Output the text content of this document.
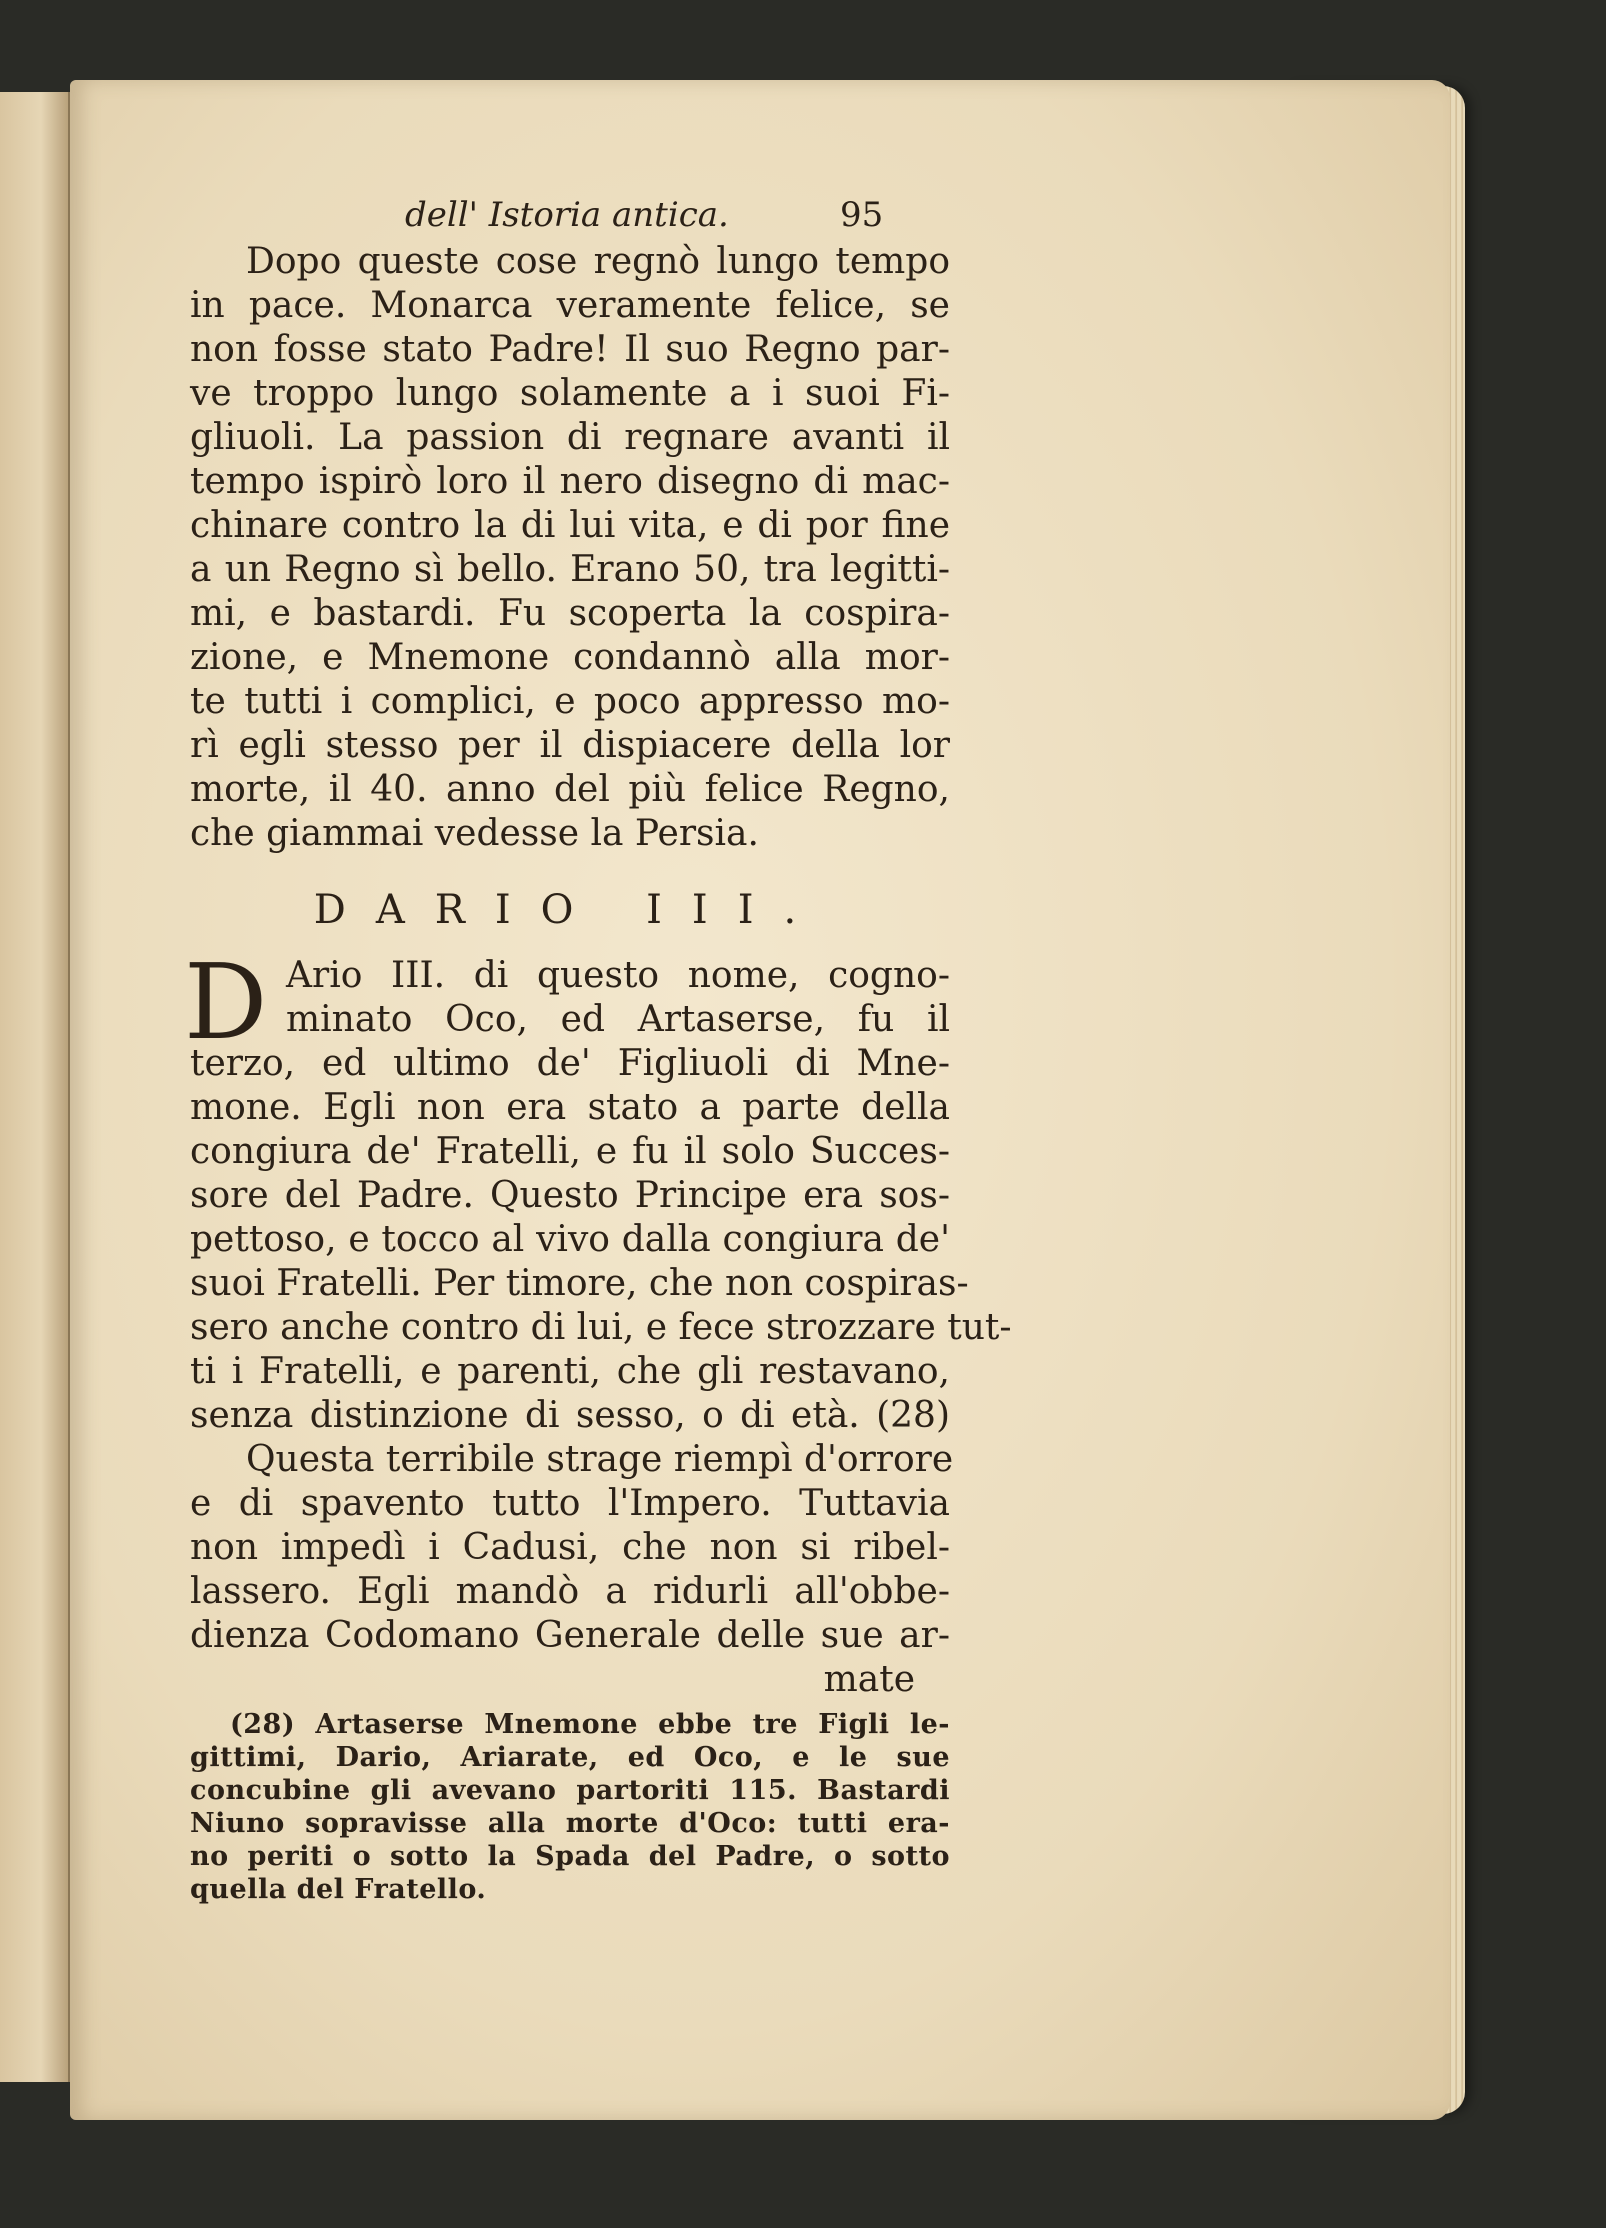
dell' Istoria antica.	95
Dopo queste cose regnò lungo tempo
in pace. Monarca veramente felice, se
non fosse stato Padre! Il suo Regno par-
ve troppo lungo solamente a i suoi Fi-
gliuoli. La passion di regnare avanti il
tempo ispirò loro il nero disegno di mac-
chinare contro la di lui vita, e di por fine
a un Regno sì bello. Erano 50, tra legitti-
mi, e bastardi. Fu scoperta la cospira-
zione, e Mnemone condannò alla mor-
te tutti i complici, e poco appresso mo-
rì egli stesso per il dispiacere della lor
morte, il 40. anno del più felice Regno,
che giammai vedesse la Persia.
DARIO III.
D Ario III. di questo nome, cogno-
minato Oco, ed Artaserse, fu il
terzo, ed ultimo de' Figliuoli di Mne-
mone. Egli non era stato a parte della
congiura de' Fratelli, e fu il solo Succes-
sore del Padre. Questo Principe era sos-
pettoso, e tocco al vivo dalla congiura de'
suoi Fratelli. Per timore, che non cospiras-
sero anche contro di lui, e fece strozzare tut-
ti i Fratelli, e parenti, che gli restavano,
senza distinzione di sesso, o di età. (28)
Questa terribile strage riempì d'orrore
e di spavento tutto l'Impero. Tuttavia
non impedì i Cadusi, che non si ribel-
lassero. Egli mandò a ridurli all'obbe-
dienza Codomano Generale delle sue ar-
mate
(28) Artaserse Mnemone ebbe tre Figli le-
gittimi, Dario, Ariarate, ed Oco, e le sue
concubine gli avevano partoriti 115. Bastardi
Niuno sopravisse alla morte d'Oco: tutti era-
no periti o sotto la Spada del Padre, o sotto
quella del Fratello.
